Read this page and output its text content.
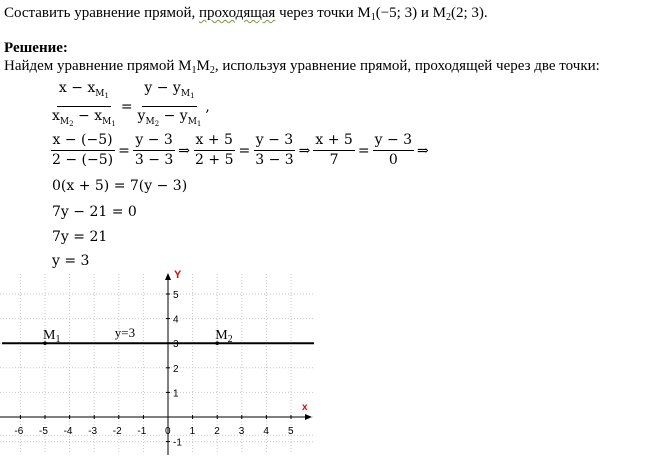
Составить уравнение прямой, проходящая через точки $M_1(-5$; 3) и $M_2(2$; 3).
Решение:
Найдем уравнение прямой $M_1M_2$, используя уравнение прямой, проходящей через две точки:
$\frac{x - x_{M_1}}{x_{M_2} - x_{M_1}} = \frac{y - y_{M_1}}{y_{M_2} - y_{M_1}}$ ,
$\frac{x - (-5)}{2 - (-5)} = \frac{y - 3}{3 - 3}$ ⇒ $\frac{x + 5}{2 + 5} = \frac{y - 3}{3 - 3}$ ⇒ $\frac{x + 5}{7} = \frac{y - 3}{0}$ ⇒
0(x + 5) = 7(y − 3)
7y − 21 = 0
7y = 21
y = 3
x
Y
-6 -5 -4 -3 -2 -1 0 1 2 3 4 5
5
4
3
2
1
-1
y=3
$M_1$	$M_2$
